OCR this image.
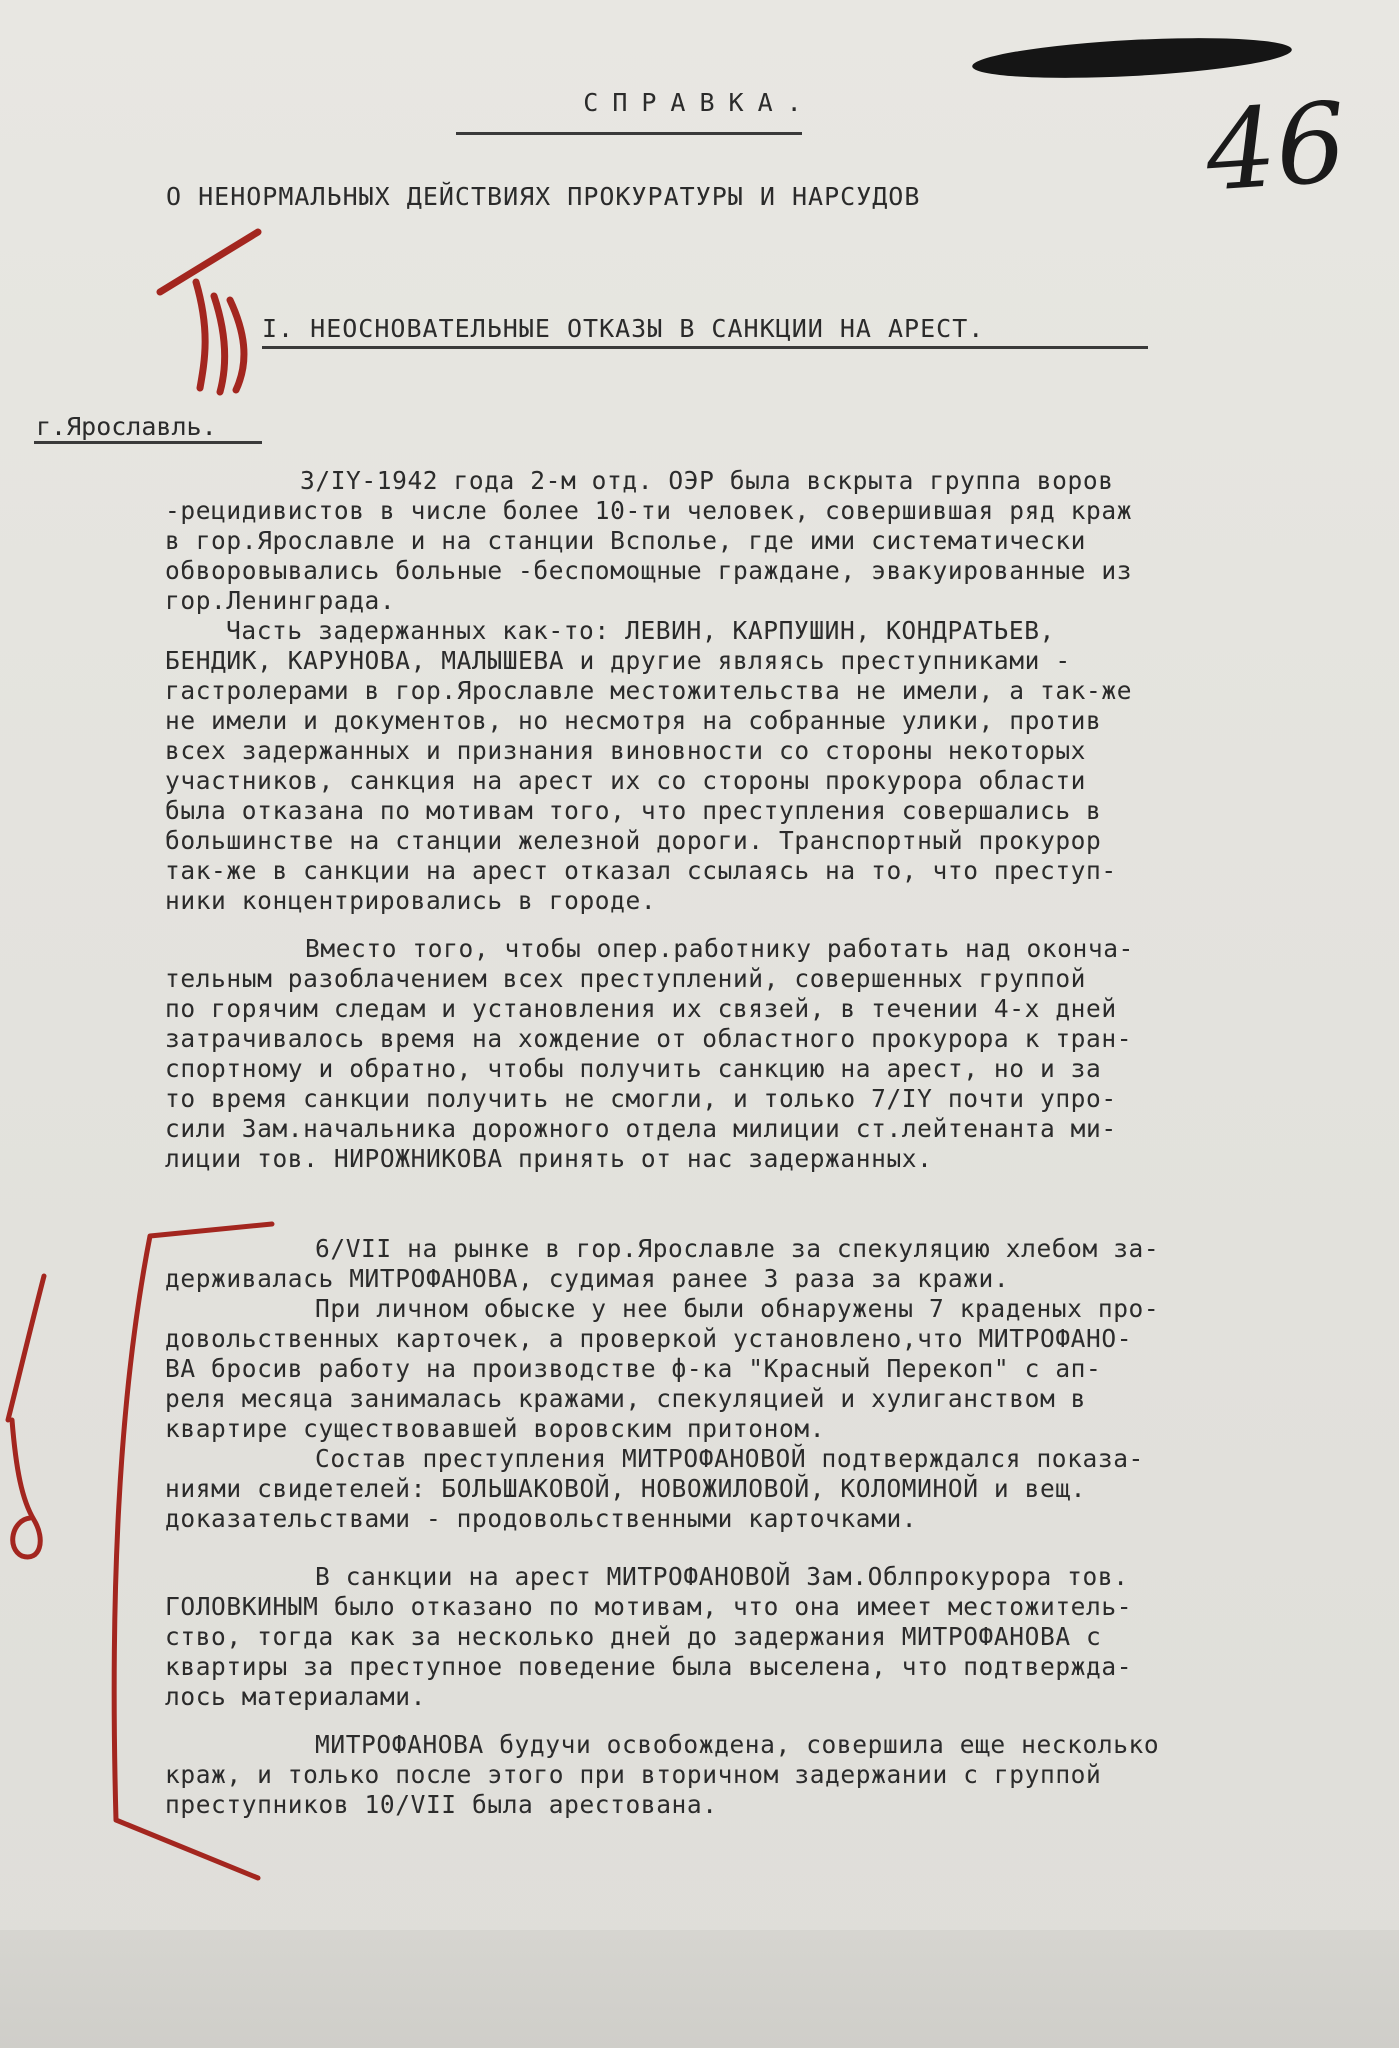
46

СПРАВКА.

О НЕНОРМАЛЬНЫХ ДЕЙСТВИЯХ ПРОКУРАТУРЫ И НАРСУДОВ

I. НЕОСНОВАТЕЛЬНЫЕ ОТКАЗЫ В САНКЦИИ НА АРЕСТ.

г.Ярославль.

3/IY-1942 года 2-м отд. ОЭР была вскрыта группа воров

-рецидивистов в числе более 10-ти человек, совершившая ряд краж

в гор.Ярославле и на станции Всполье, где ими систематически

обворовывались больные -беспомощные граждане, эвакуированные из

гор.Ленинграда.

Часть задержанных как-то: ЛЕВИН, КАРПУШИН, КОНДРАТЬЕВ,

БЕНДИК, КАРУНОВА, МАЛЫШЕВА и другие являясь преступниками -

гастролерами в гор.Ярославле местожительства не имели, а так-же

не имели и документов, но несмотря на собранные улики, против

всех задержанных и признания виновности со стороны некоторых

участников, санкция на арест их со стороны прокурора области

была отказана по мотивам того, что преступления совершались в

большинстве на станции железной дороги. Транспортный прокурор

так-же в санкции на арест отказал ссылаясь на то, что преступ-

ники концентрировались в городе.

Вместо того, чтобы опер.работнику работать над оконча-

тельным разоблачением всех преступлений, совершенных группой

по горячим следам и установления их связей, в течении 4-х дней

затрачивалось время на хождение от областного прокурора к тран-

спортному и обратно, чтобы получить санкцию на арест, но и за

то время санкции получить не смогли, и только 7/IY почти упро-

сили Зам.начальника дорожного отдела милиции ст.лейтенанта ми-

лиции тов. НИРОЖНИКОВА принять от нас задержанных.

6/VII на рынке в гор.Ярославле за спекуляцию хлебом за-

держивалась МИТРОФАНОВА, судимая ранее 3 раза за кражи.

При личном обыске у нее были обнаружены 7 краденых про-

довольственных карточек, а проверкой установлено,что МИТРОФАНО-

ВА бросив работу на производстве ф-ка "Красный Перекоп" с ап-

реля месяца занималась кражами, спекуляцией и хулиганством в

квартире существовавшей воровским притоном.

Состав преступления МИТРОФАНОВОЙ подтверждался показа-

ниями свидетелей: БОЛЬШАКОВОЙ, НОВОЖИЛОВОЙ, КОЛОМИНОЙ и вещ.

доказательствами - продовольственными карточками.

В санкции на арест МИТРОФАНОВОЙ Зам.Облпрокурора тов.

ГОЛОВКИНЫМ было отказано по мотивам, что она имеет местожитель-

ство, тогда как за несколько дней до задержания МИТРОФАНОВА с

квартиры за преступное поведение была выселена, что подтвержда-

лось материалами.

МИТРОФАНОВА будучи освобождена, совершила еще несколько

краж, и только после этого при вторичном задержании с группой

преступников 10/VII была арестована.
